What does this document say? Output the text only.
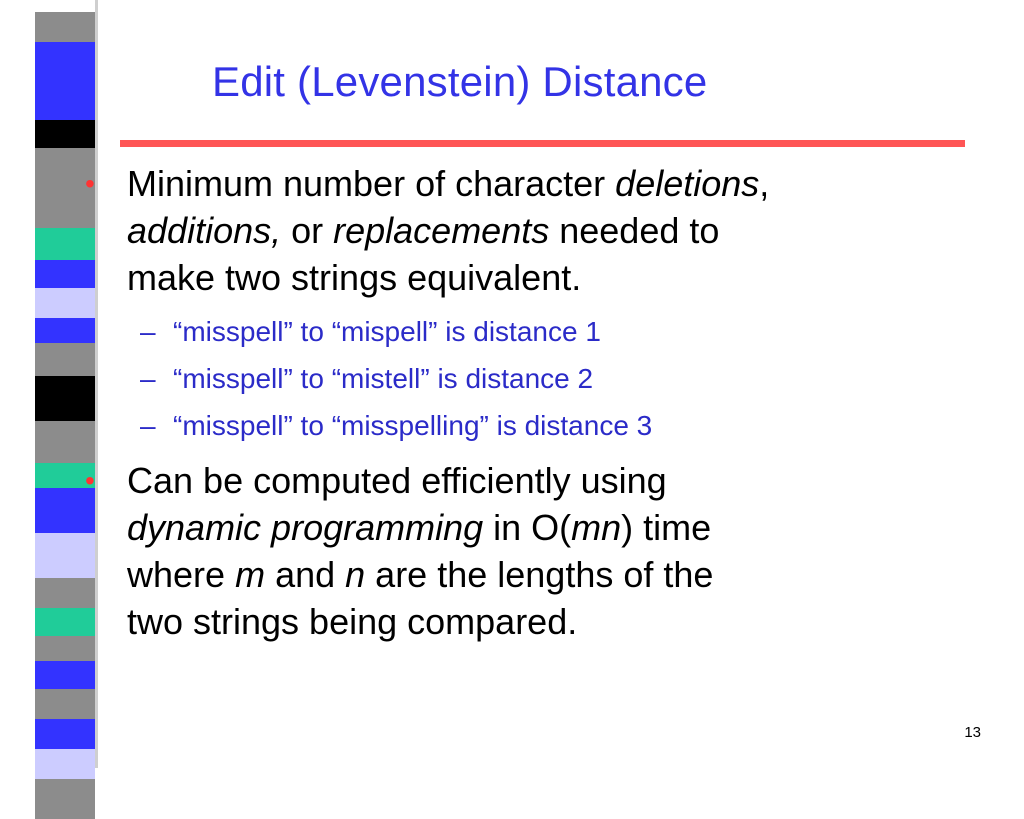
Edit (Levenstein) Distance
• Minimum number of character deletions,
additions, or replacements needed to
make two strings equivalent.
– “misspell” to “mispell” is distance 1
– “misspell” to “mistell” is distance 2
– “misspell” to “misspelling” is distance 3
• Can be computed efficiently using
dynamic programming in O(mn) time
where m and n are the lengths of the
two strings being compared.
13
